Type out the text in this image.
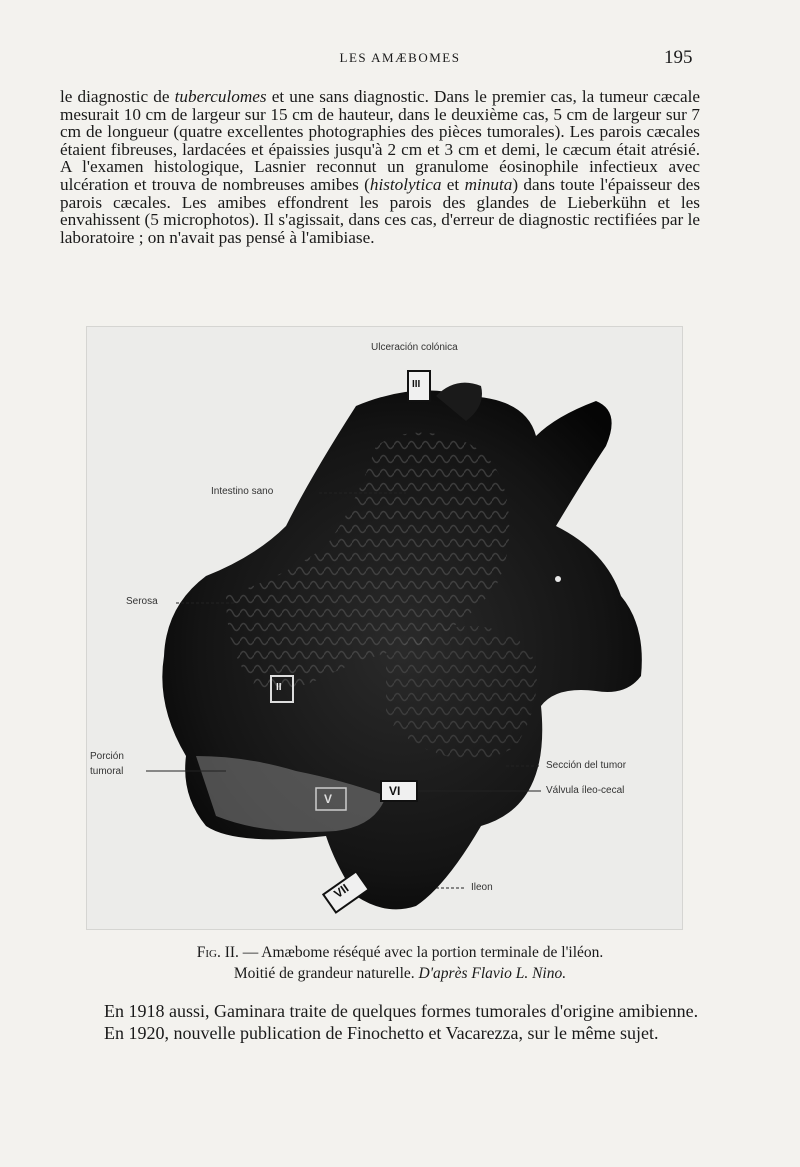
LES AMÆBOMES	195

le diagnostic de tuberculomes et une sans diagnostic. Dans le premier cas, la tumeur cæcale mesurait 10 cm de largeur sur 15 cm de hauteur, dans le deuxième cas, 5 cm de largeur sur 7 cm de longueur (quatre excellentes photographies des pièces tumorales). Les parois cæcales étaient fibreuses, lardacées et épaissies jusqu'à 2 cm et 3 cm et demi, le cæcum était atrésié. A l'examen histologique, Lasnier reconnut un granulome éosinophile infectieux avec ulcération et trouva de nombreuses amibes (histolytica et minuta) dans toute l'épaisseur des parois cæcales. Les amibes effondrent les parois des glandes de Lieberkühn et les envahissent (5 microphotos). Il s'agissait, dans ces cas, d'erreur de diagnostic rectifiées par le laboratoire ; on n'avait pas pensé à l'amibiase.

Ulceración colónica
Intestino sano
Serosa
Porción
tumoral
Sección del tumor
Válvula íleo-cecal
Ileon
III
II
VI
V
VII
Fig. II. — Amæbome réséqué avec la portion terminale de l'iléon.
Moitié de grandeur naturelle. D'après Flavio L. Nino.

En 1918 aussi, Gaminara traite de quelques formes tumorales d'origine amibienne.

En 1920, nouvelle publication de Finochetto et Vacarezza, sur le même sujet.
